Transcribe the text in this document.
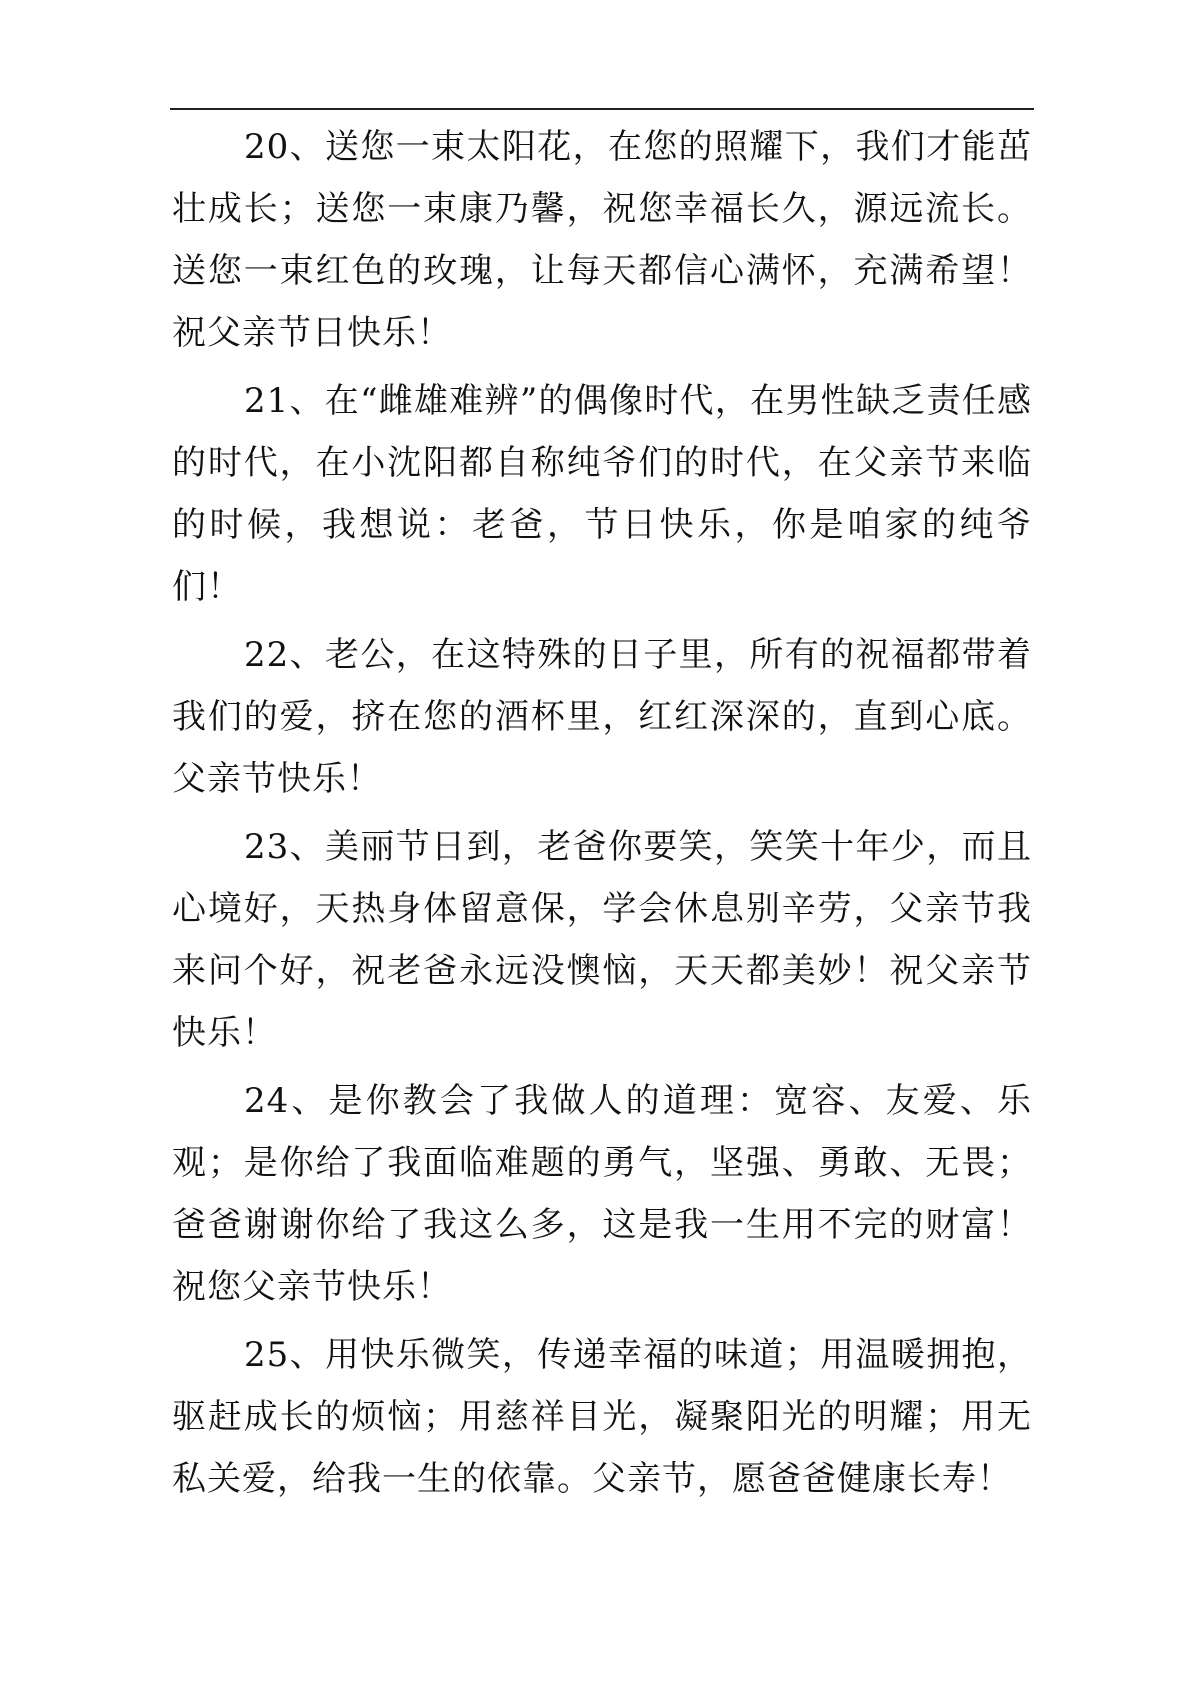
20、送您一束太阳花，在您的照耀下，我们才能茁壮成长；送您一束康乃馨，祝您幸福长久，源远流长。送您一束红色的玫瑰，让每天都信心满怀，充满希望！祝父亲节日快乐！

21、在“雌雄难辨”的偶像时代，在男性缺乏责任感的时代，在小沈阳都自称纯爷们的时代，在父亲节来临的时候，我想说：老爸，节日快乐，你是咱家的纯爷们！

22、老公，在这特殊的日子里，所有的祝福都带着我们的爱，挤在您的酒杯里，红红深深的，直到心底。父亲节快乐！

23、美丽节日到，老爸你要笑，笑笑十年少，而且心境好，天热身体留意保，学会休息别辛劳，父亲节我来问个好，祝老爸永远没懊恼，天天都美妙！祝父亲节快乐！

24、是你教会了我做人的道理：宽容、友爱、乐观；是你给了我面临难题的勇气，坚强、勇敢、无畏；爸爸谢谢你给了我这么多，这是我一生用不完的财富！祝您父亲节快乐！

25、用快乐微笑，传递幸福的味道；用温暖拥抱，驱赶成长的烦恼；用慈祥目光，凝聚阳光的明耀；用无私关爱，给我一生的依靠。父亲节，愿爸爸健康长寿！
